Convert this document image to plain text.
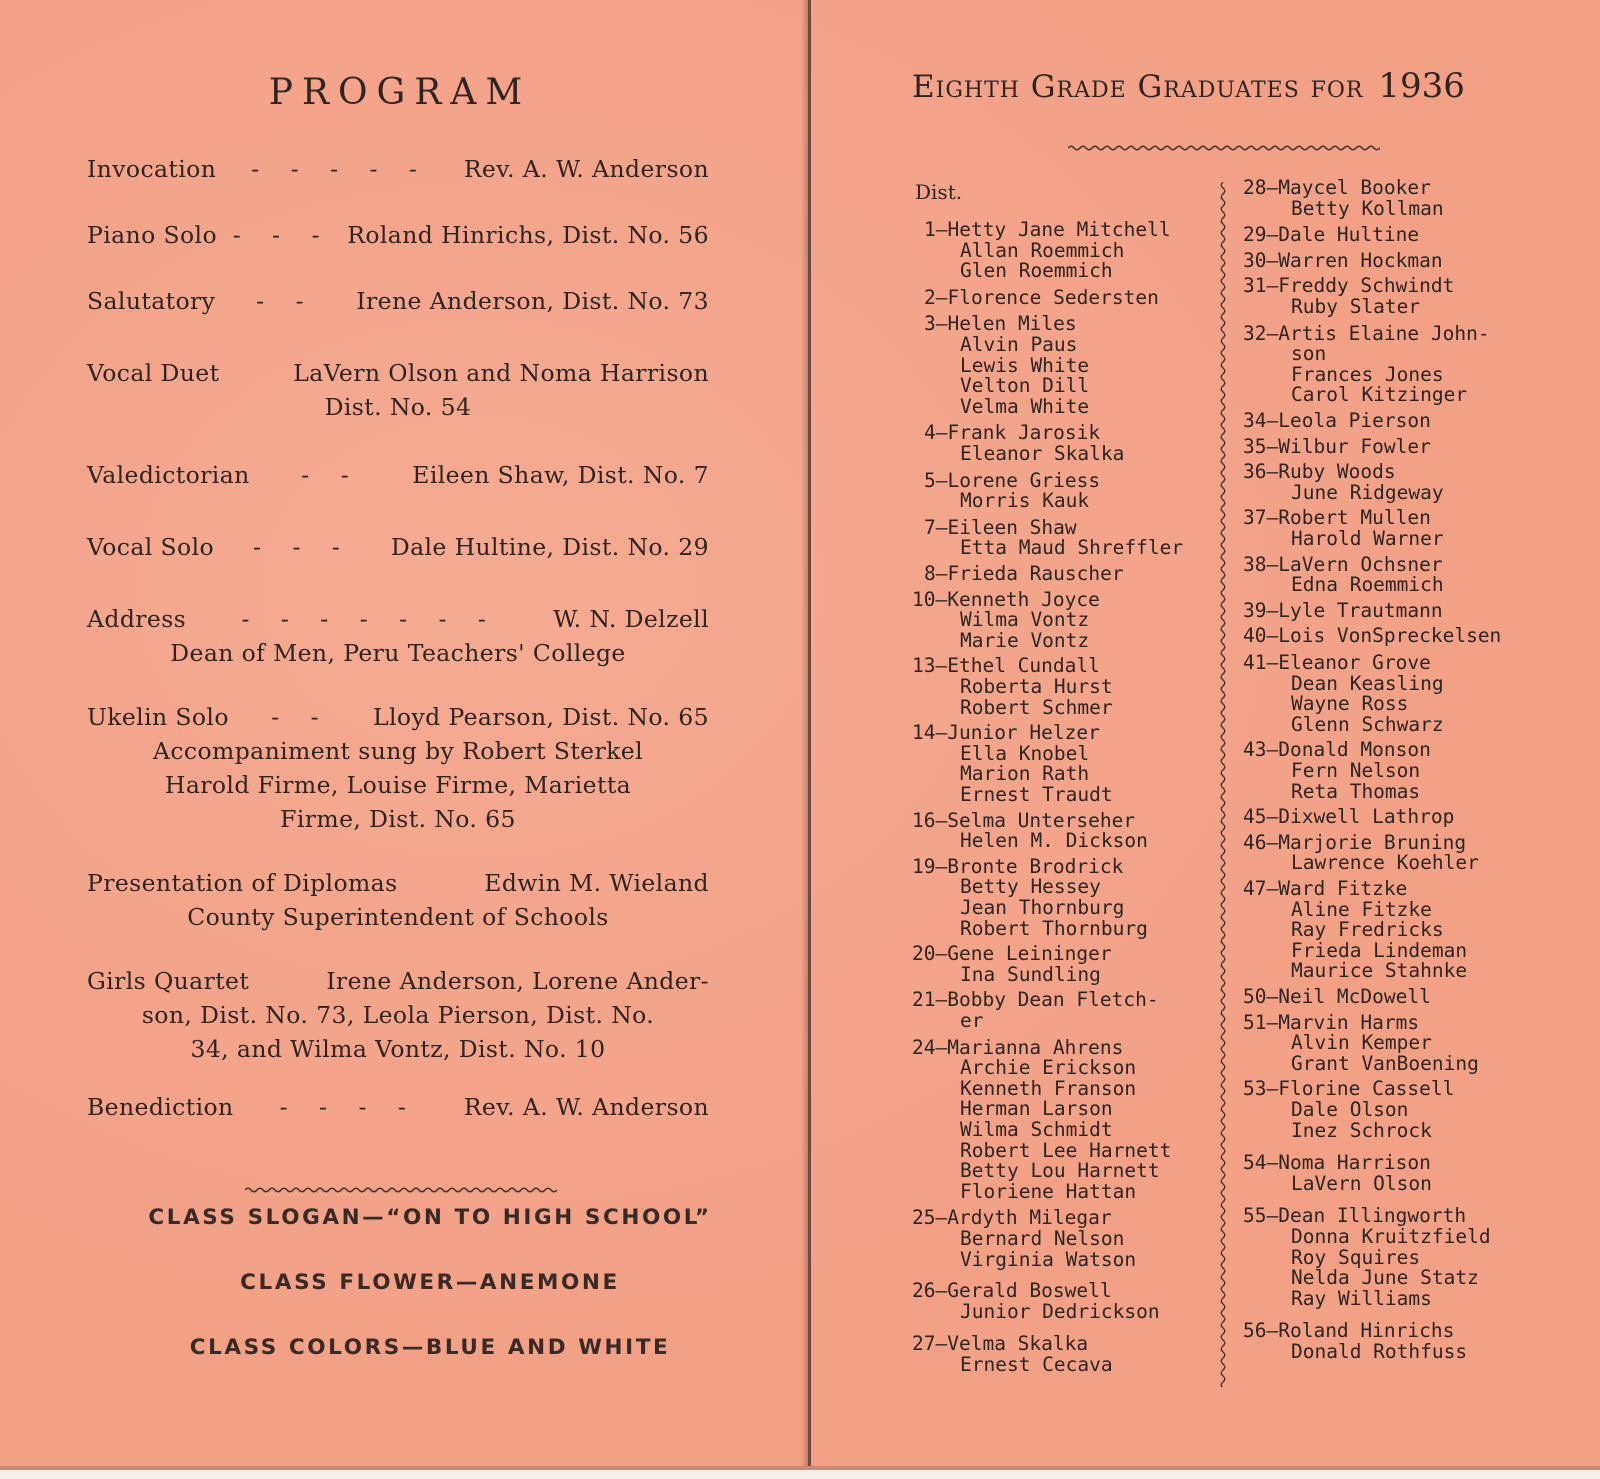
PROGRAM
Invocation	- - - - -	Rev. A. W. Anderson
Piano Solo - - - Roland Hinrichs, Dist. No. 56
Salutatory	- -	Irene Anderson, Dist. No. 73
Vocal Duet	LaVern Olson and Noma Harrison
Dist. No. 54
Valedictorian	- -	Eileen Shaw, Dist. No. 7
Vocal Solo	- - -	Dale Hultine, Dist. No. 29
Address	- - - - - - -	W. N. Delzell
Dean of Men, Peru Teachers' College
Ukelin Solo	- -	Lloyd Pearson, Dist. No. 65
Accompaniment sung by Robert Sterkel
Harold Firme, Louise Firme, Marietta
Firme, Dist. No. 65
Presentation of Diplomas	Edwin M. Wieland
County Superintendent of Schools
Girls Quartet	Irene Anderson, Lorene Ander-
son, Dist. No. 73, Leola Pierson, Dist. No.
34, and Wilma Vontz, Dist. No. 10
Benediction	- - - -	Rev. A. W. Anderson
CLASS SLOGAN—“ON TO HIGH SCHOOL”
CLASS FLOWER—ANEMONE
CLASS COLORS—BLUE AND WHITE
Eighth Grade Graduates for 1936
Dist.
1—Hetty Jane Mitchell
Allan Roemmich
Glen Roemmich
2—Florence Sedersten
3—Helen Miles
Alvin Paus
Lewis White
Velton Dill
Velma White
4—Frank Jarosik
Eleanor Skalka
5—Lorene Griess
Morris Kauk
7—Eileen Shaw
Etta Maud Shreffler
8—Frieda Rauscher
10—Kenneth Joyce
Wilma Vontz
Marie Vontz
13—Ethel Cundall
Roberta Hurst
Robert Schmer
14—Junior Helzer
Ella Knobel
Marion Rath
Ernest Traudt
16—Selma Unterseher
Helen M. Dickson
19—Bronte Brodrick
Betty Hessey
Jean Thornburg
Robert Thornburg
20—Gene Leininger
Ina Sundling
21—Bobby Dean Fletch-
er
24—Marianna Ahrens
Archie Erickson
Kenneth Franson
Herman Larson
Wilma Schmidt
Robert Lee Harnett
Betty Lou Harnett
Floriene Hattan
25—Ardyth Milegar
Bernard Nelson
Virginia Watson
26—Gerald Boswell
Junior Dedrickson
27—Velma Skalka
Ernest Cecava
28—Maycel Booker
Betty Kollman
29—Dale Hultine
30—Warren Hockman
31—Freddy Schwindt
Ruby Slater
32—Artis Elaine John-
son
Frances Jones
Carol Kitzinger
34—Leola Pierson
35—Wilbur Fowler
36—Ruby Woods
June Ridgeway
37—Robert Mullen
Harold Warner
38—LaVern Ochsner
Edna Roemmich
39—Lyle Trautmann
40—Lois VonSpreckelsen
41—Eleanor Grove
Dean Keasling
Wayne Ross
Glenn Schwarz
43—Donald Monson
Fern Nelson
Reta Thomas
45—Dixwell Lathrop
46—Marjorie Bruning
Lawrence Koehler
47—Ward Fitzke
Aline Fitzke
Ray Fredricks
Frieda Lindeman
Maurice Stahnke
50—Neil McDowell
51—Marvin Harms
Alvin Kemper
Grant VanBoening
53—Florine Cassell
Dale Olson
Inez Schrock
54—Noma Harrison
LaVern Olson
55—Dean Illingworth
Donna Kruitzfield
Roy Squires
Nelda June Statz
Ray Williams
56—Roland Hinrichs
Donald Rothfuss
